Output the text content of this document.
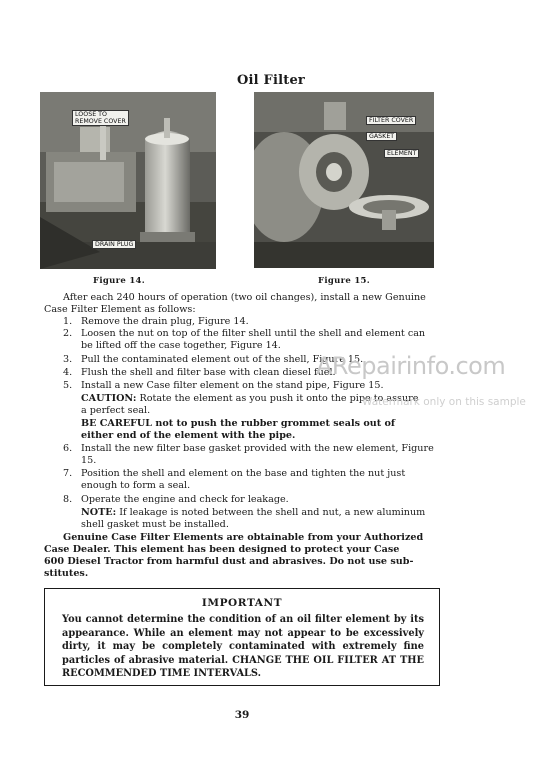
Oil Filter
LOOSE TO
REMOVE COVER
DRAIN PLUG
Figure 14.
FILTER COVER
GASKET
ELEMENT
Figure 15.
After each 240 hours of operation (two oil changes), install a new Genuine
Case Filter Element as follows:
1. Remove the drain plug, Figure 14.
2. Loosen the nut on top of the filter shell until the shell and element can
be lifted off the case together, Figure 14.
3. Pull the contaminated element out of the shell, Figure 15.
4. Flush the shell and filter base with clean diesel fuel.
5. Install a new Case filter element on the stand pipe, Figure 15.
CAUTION: Rotate the element as you push it onto the pipe to assure
a perfect seal.
BE CAREFUL not to push the rubber grommet seals out of
either end of the element with the pipe.
6. Install the new filter base gasket provided with the new element, Figure
15.
7. Position the shell and element on the base and tighten the nut just
enough to form a seal.
8. Operate the engine and check for leakage.
NOTE: If leakage is noted between the shell and nut, a new aluminum
shell gasket must be installed.
Genuine Case Filter Elements are obtainable from your Authorized
Case Dealer. This element has been designed to protect your Case
600 Diesel Tractor from harmful dust and abrasives. Do not use sub-
stitutes.
IMPORTANT
You cannot determine the condition of an oil filter element by its appearance. While an element may not appear to be excessively dirty, it may be completely contaminated with extremely fine particles of abrasive material. CHANGE THE OIL FILTER AT THE RECOMMENDED TIME INTERVALS.
39
ARepairinfo.com
Watermark only on this sample
